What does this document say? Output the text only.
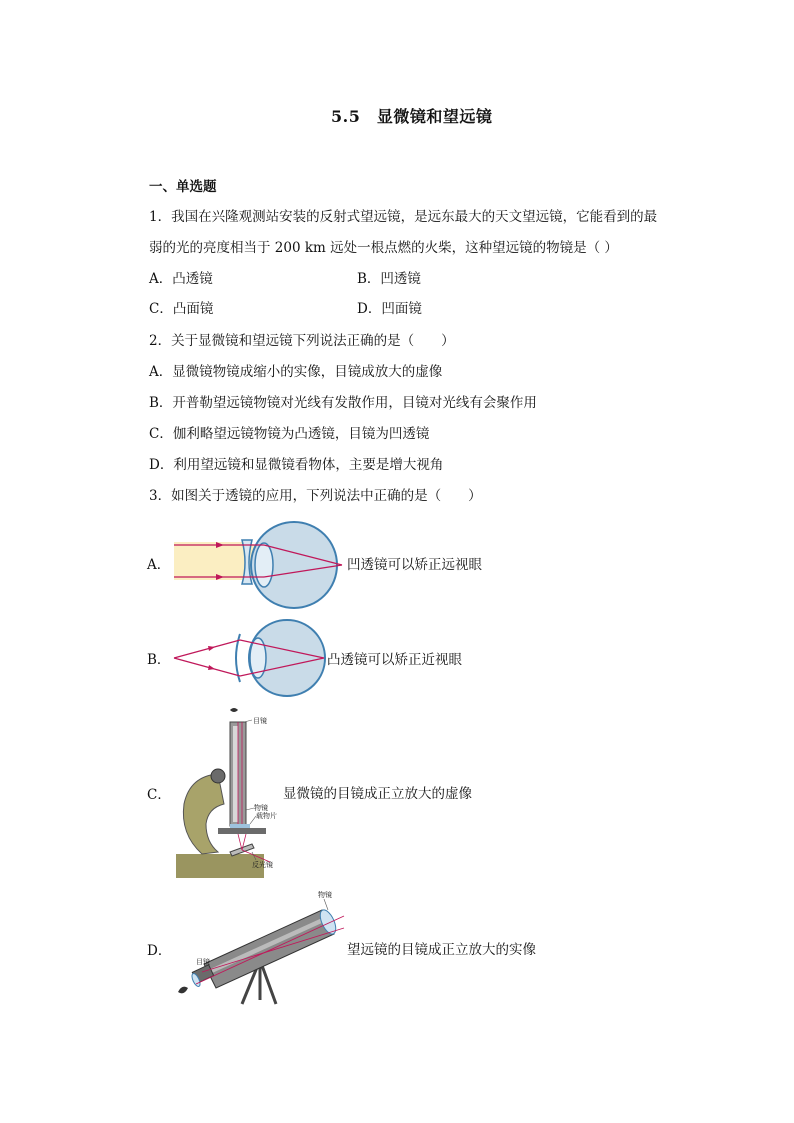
5.5　显微镜和望远镜
一、单选题
1．我国在兴隆观测站安装的反射式望远镜，是远东最大的天文望远镜，它能看到的最
弱的光的亮度相当于 200 km 远处一根点燃的火柴，这种望远镜的物镜是（ ）
A．凸透镜	B．凹透镜
C．凸面镜	D．凹面镜
2．关于显微镜和望远镜下列说法正确的是（　　）
A．显微镜物镜成缩小的实像，目镜成放大的虚像
B．开普勒望远镜物镜对光线有发散作用，目镜对光线有会聚作用
C．伽利略望远镜物镜为凸透镜，目镜为凹透镜
D．利用望远镜和显微镜看物体，主要是增大视角
3．如图关于透镜的应用，下列说法中正确的是（　　）
A．	凹透镜可以矫正远视眼
B．	凸透镜可以矫正近视眼
C．
目镜
物镜
载物片
反光镜
显微镜的目镜成正立放大的虚像
D．
物镜
目镜
望远镜的目镜成正立放大的实像
